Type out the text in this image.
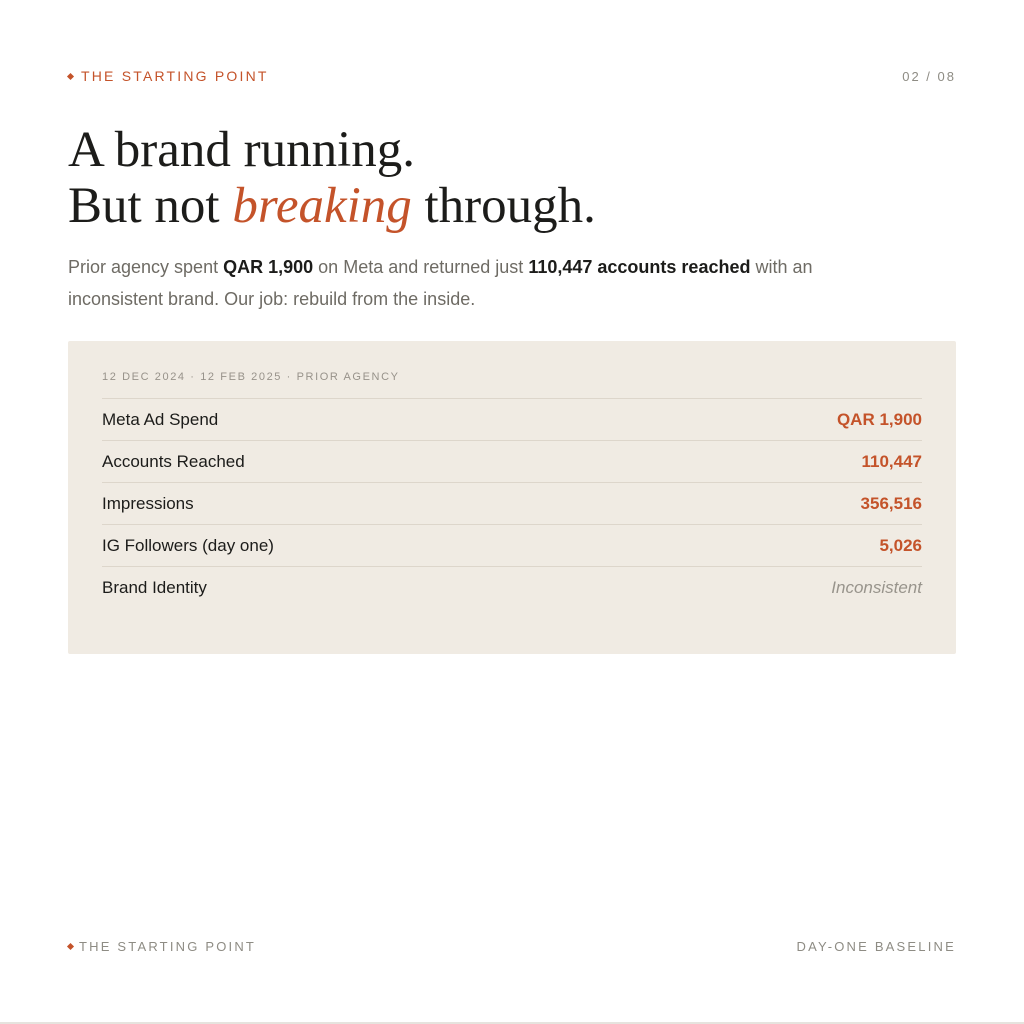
THE STARTING POINT	02 / 08
A brand running.
But not breaking through.

Prior agency spent QAR 1,900 on Meta and returned just 110,447 accounts reached with an inconsistent brand. Our job: rebuild from the inside.

12 DEC 2024 · 12 FEB 2025 · PRIOR AGENCY
Meta Ad Spend	QAR 1,900
Accounts Reached	110,447
Impressions	356,516
IG Followers (day one)	5,026
Brand Identity	Inconsistent
THE STARTING POINT	DAY-ONE BASELINE
